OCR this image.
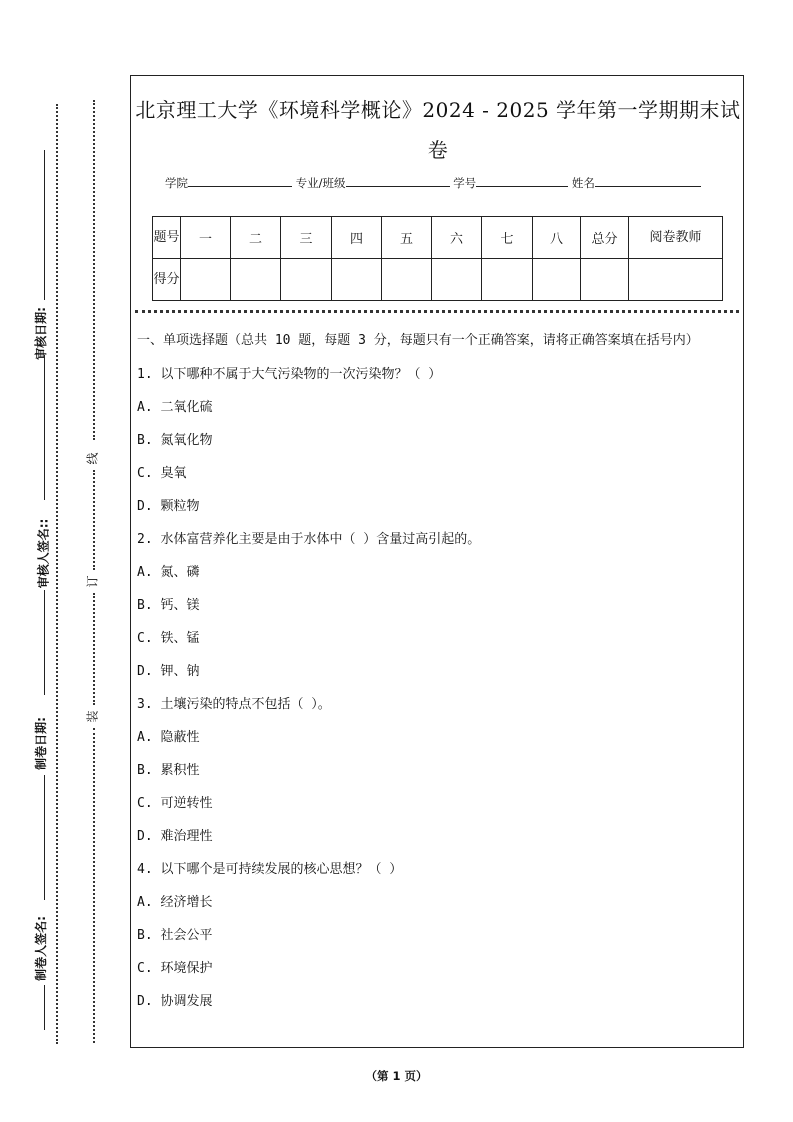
审核日期:
审核人签名::
制卷日期:
制卷人签名:
线
订
装
北京理工大学《环境科学概论》2024 - 2025 学年第一学期期末试
卷
学院	专业/班级	学号	姓名
题号	一	二	三	四	五	六	七	八	总分	阅卷教师
得分										
一、单项选择题（总共 10 题，每题 3 分，每题只有一个正确答案，请将正确答案填在括号内）
1. 以下哪种不属于大气污染物的一次污染物？（ ）
A. 二氧化硫
B. 氮氧化物
C. 臭氧
D. 颗粒物
2. 水体富营养化主要是由于水体中（ ）含量过高引起的。
A. 氮、磷
B. 钙、镁
C. 铁、锰
D. 钾、钠
3. 土壤污染的特点不包括（ ）。
A. 隐蔽性
B. 累积性
C. 可逆转性
D. 难治理性
4. 以下哪个是可持续发展的核心思想？（ ）
A. 经济增长
B. 社会公平
C. 环境保护
D. 协调发展
（第 1 页）
